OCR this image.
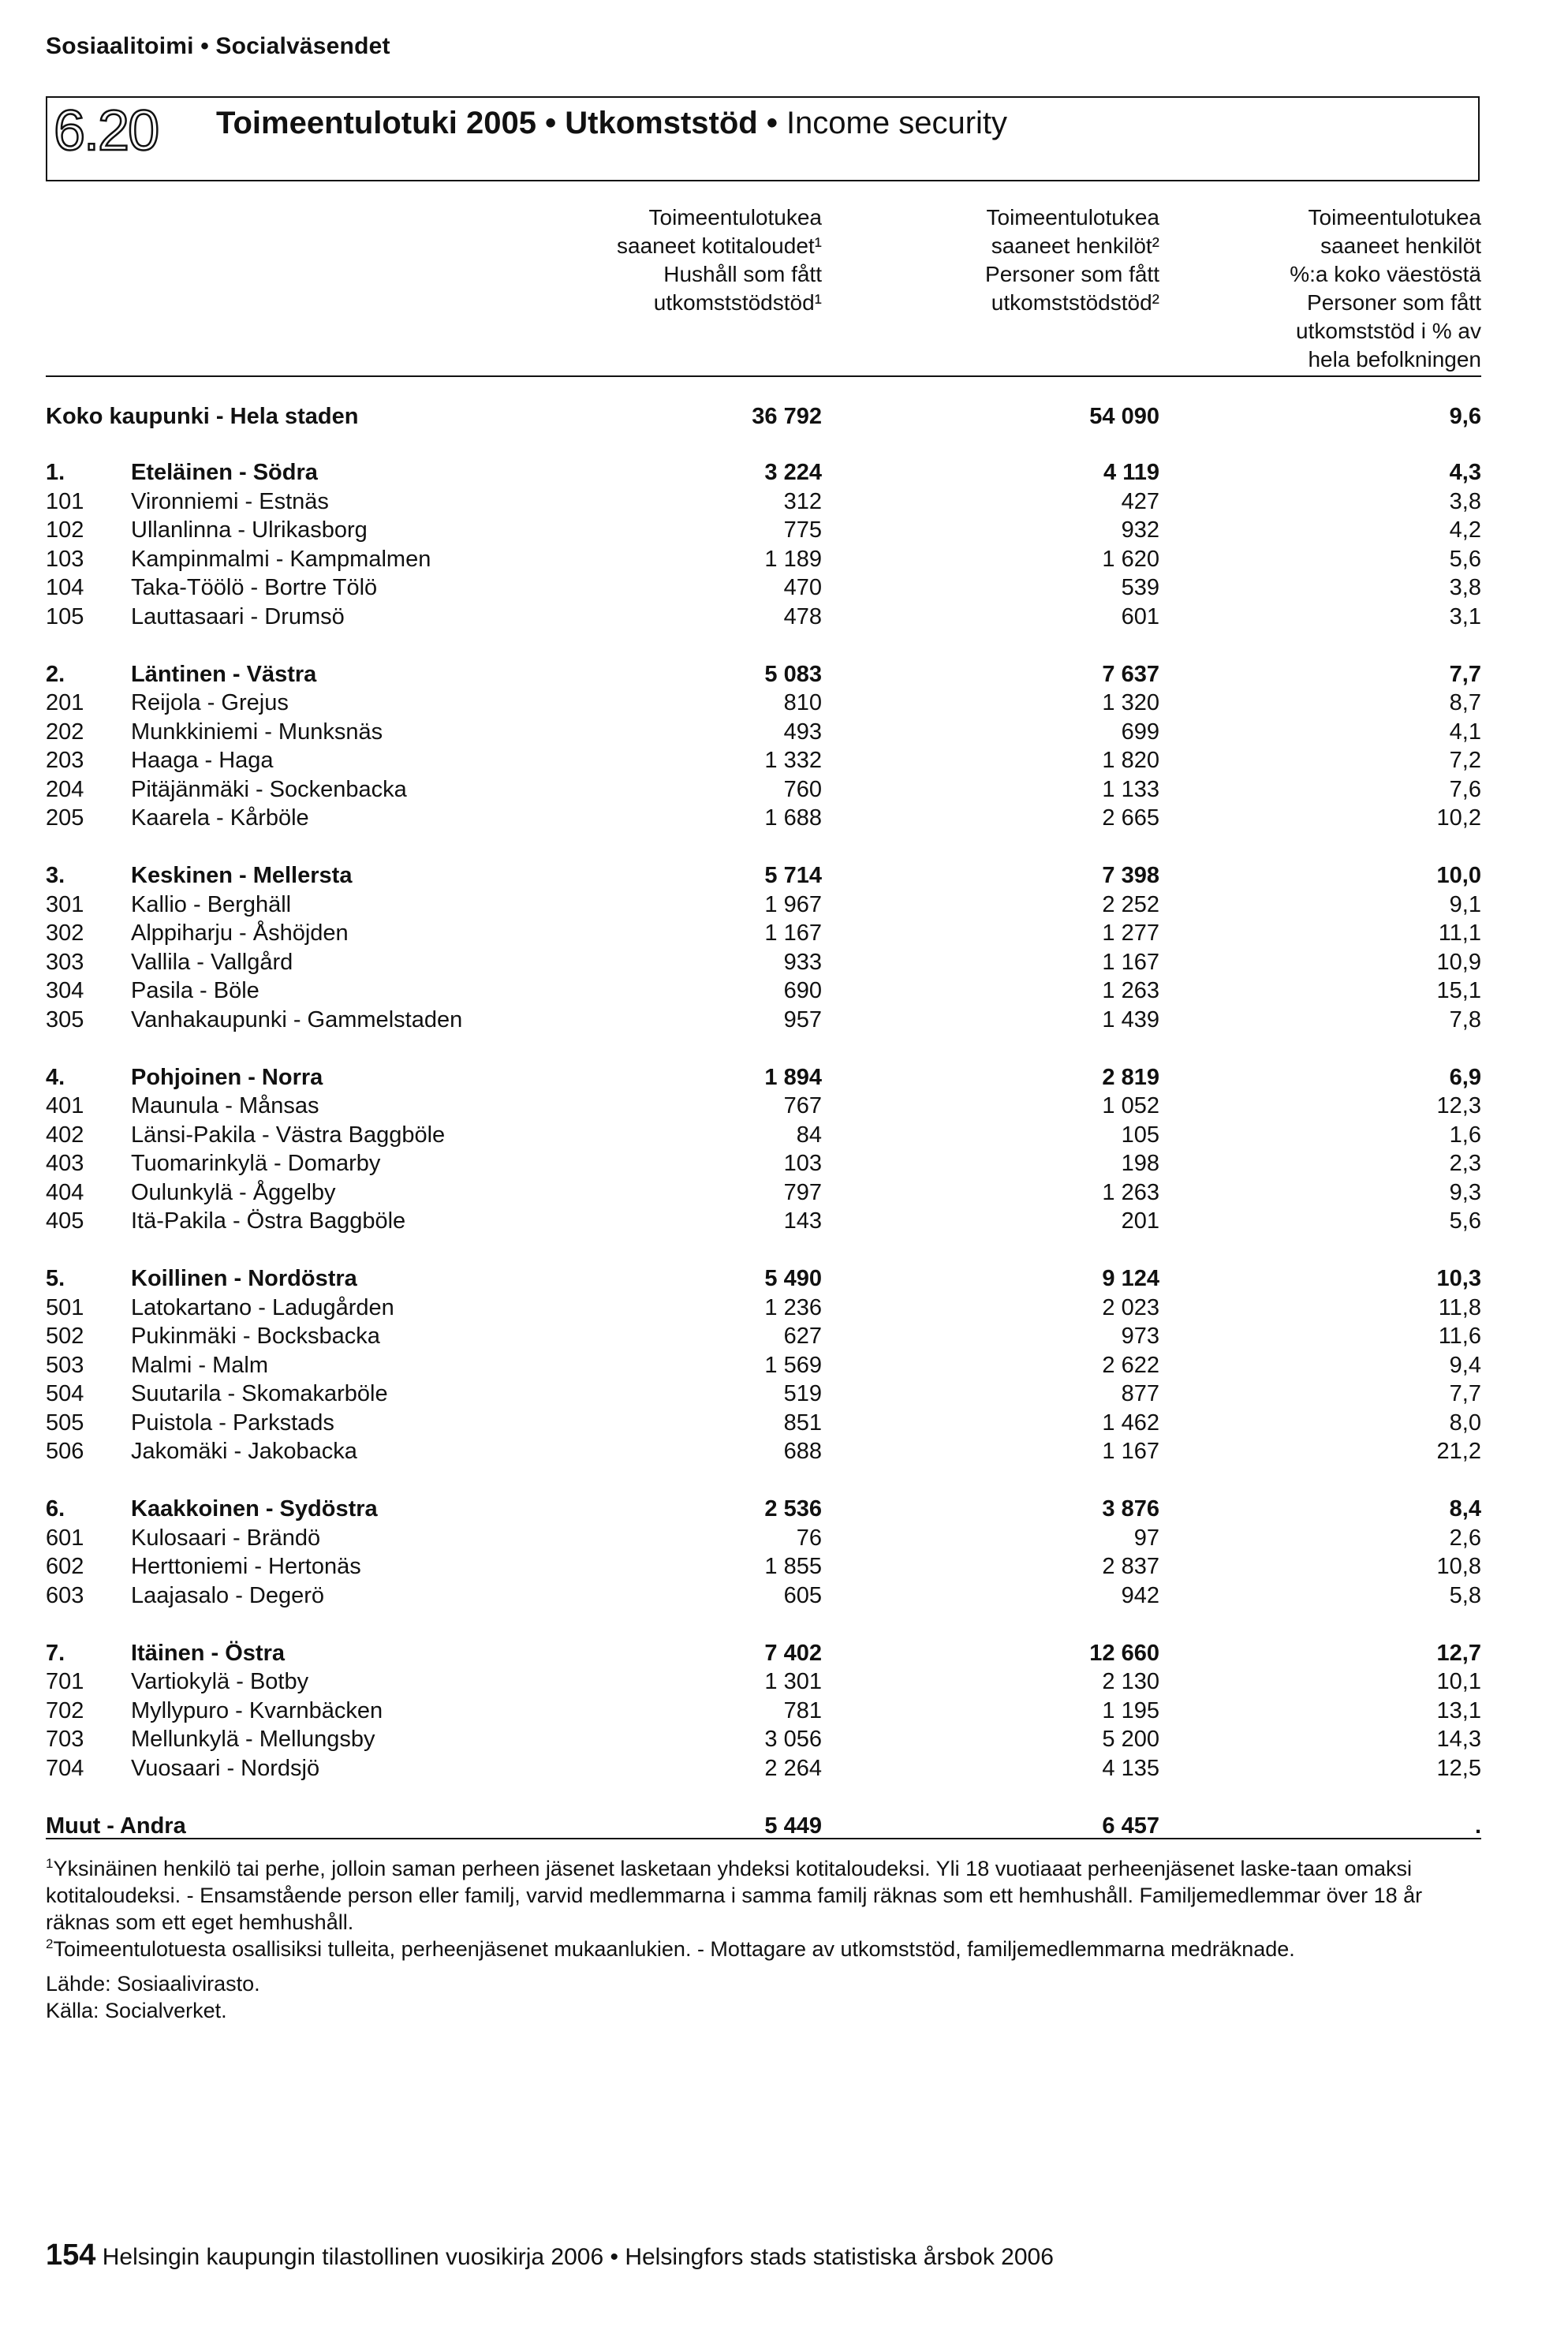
Sosiaalitoimi • Socialväsendet
6.20 Toimeentulotuki 2005 • Utkomststöd • Income security
Toimeentulotukea
saaneet kotitaloudet¹
Hushåll som fått
utkomststödstöd¹
Toimeentulotukea
saaneet henkilöt²
Personer som fått
utkomststödstöd²
Toimeentulotukea
saaneet henkilöt
%:a koko väestöstä
Personer som fått
utkomststöd i % av
hela befolkningen
Koko kaupunki - Hela staden	36 792	54 090	9,6
1.	Eteläinen - Södra	3 224	4 119	4,3
101 Vironniemi - Estnäs	312	427	3,8
102 Ullanlinna - Ulrikasborg	775	932	4,2
103 Kampinmalmi - Kampmalmen	1 189	1 620	5,6
104 Taka-Töölö - Bortre Tölö	470	539	3,8
105 Lauttasaari - Drumsö	478	601	3,1
2.	Läntinen - Västra	5 083	7 637	7,7
201 Reijola - Grejus	810	1 320	8,7
202 Munkkiniemi - Munksnäs	493	699	4,1
203 Haaga - Haga	1 332	1 820	7,2
204 Pitäjänmäki - Sockenbacka	760	1 133	7,6
205 Kaarela - Kårböle	1 688	2 665	10,2
3.	Keskinen - Mellersta	5 714	7 398	10,0
301 Kallio - Berghäll	1 967	2 252	9,1
302 Alppiharju - Åshöjden	1 167	1 277	11,1
303 Vallila - Vallgård	933	1 167	10,9
304 Pasila - Böle	690	1 263	15,1
305 Vanhakaupunki - Gammelstaden	957	1 439	7,8
4.	Pohjoinen - Norra	1 894	2 819	6,9
401 Maunula - Månsas	767	1 052	12,3
402 Länsi-Pakila - Västra Baggböle	84	105	1,6
403 Tuomarinkylä - Domarby	103	198	2,3
404 Oulunkylä - Åggelby	797	1 263	9,3
405 Itä-Pakila - Östra Baggböle	143	201	5,6
5.	Koillinen - Nordöstra	5 490	9 124	10,3
501 Latokartano - Ladugården	1 236	2 023	11,8
502 Pukinmäki - Bocksbacka	627	973	11,6
503 Malmi - Malm	1 569	2 622	9,4
504 Suutarila - Skomakarböle	519	877	7,7
505 Puistola - Parkstads	851	1 462	8,0
506 Jakomäki - Jakobacka	688	1 167	21,2
6.	Kaakkoinen - Sydöstra	2 536	3 876	8,4
601 Kulosaari - Brändö	76	97	2,6
602 Herttoniemi - Hertonäs	1 855	2 837	10,8
603 Laajasalo - Degerö	605	942	5,8
7.	Itäinen - Östra	7 402	12 660	12,7
701 Vartiokylä - Botby	1 301	2 130	10,1
702 Myllypuro - Kvarnbäcken	781	1 195	13,1
703 Mellunkylä - Mellungsby	3 056	5 200	14,3
704 Vuosaari - Nordsjö	2 264	4 135	12,5
Muut - Andra	5 449	6 457	.

$^1$Yksinäinen henkilö tai perhe, jolloin saman perheen jäsenet lasketaan yhdeksi kotitaloudeksi. Yli 18 vuotiaaat perheenjäsenet laske-taan omaksi kotitaloudeksi. - Ensamstående person eller familj, varvid medlemmarna i samma familj räknas som ett hemhushåll. Familjemedlemmar över 18 år räknas som ett eget hemhushåll.

$^2$Toimeentulotuesta osallisiksi tulleita, perheenjäsenet mukaanlukien. - Mottagare av utkomststöd, familjemedlemmarna medräknade.

Lähde: Sosiaalivirasto.

Källa: Socialverket.

154 Helsingin kaupungin tilastollinen vuosikirja 2006 • Helsingfors stads statistiska årsbok 2006
